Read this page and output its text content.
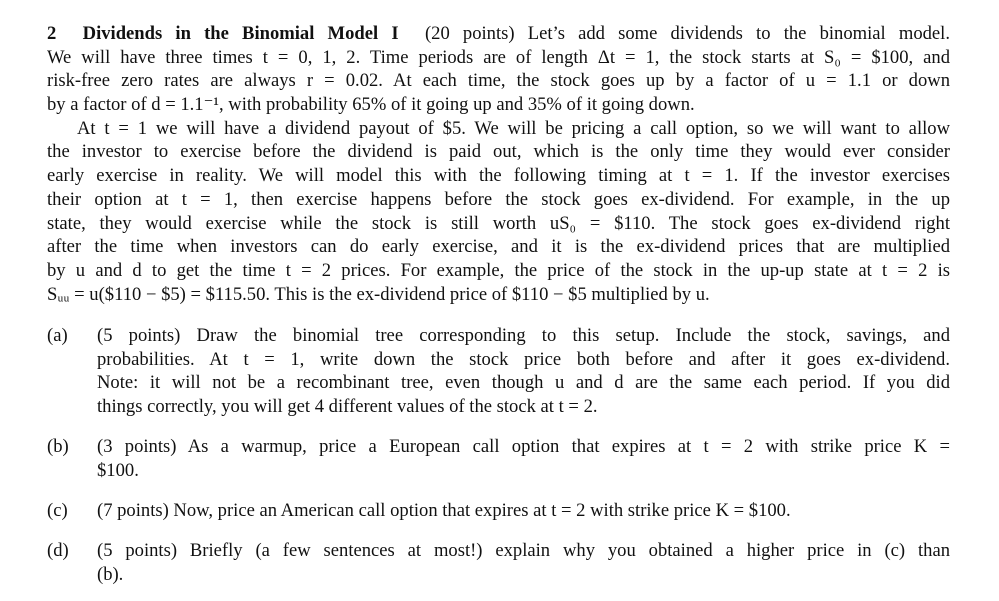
2 Dividends in the Binomial Model I (20 points) Let’s add some dividends to the binomial model.
We will have three times t = 0, 1, 2. Time periods are of length Δt = 1, the stock starts at S₀ = $100, and
risk-free zero rates are always r = 0.02. At each time, the stock goes up by a factor of u = 1.1 or down
by a factor of d = 1.1⁻¹, with probability 65% of it going up and 35% of it going down.
At t = 1 we will have a dividend payout of $5. We will be pricing a call option, so we will want to allow
the investor to exercise before the dividend is paid out, which is the only time they would ever consider
early exercise in reality. We will model this with the following timing at t = 1. If the investor exercises
their option at t = 1, then exercise happens before the stock goes ex-dividend. For example, in the up
state, they would exercise while the stock is still worth uS₀ = $110. The stock goes ex-dividend right
after the time when investors can do early exercise, and it is the ex-dividend prices that are multiplied
by u and d to get the time t = 2 prices. For example, the price of the stock in the up-up state at t = 2 is
Sᵤᵤ = u($110 − $5) = $115.50. This is the ex-dividend price of $110 − $5 multiplied by u.
(a) (5 points) Draw the binomial tree corresponding to this setup. Include the stock, savings, and
probabilities. At t = 1, write down the stock price both before and after it goes ex-dividend.
Note: it will not be a recombinant tree, even though u and d are the same each period. If you did
things correctly, you will get 4 different values of the stock at t = 2.
(b) (3 points) As a warmup, price a European call option that expires at t = 2 with strike price K =
$100.
(c) (7 points) Now, price an American call option that expires at t = 2 with strike price K = $100.
(d) (5 points) Briefly (a few sentences at most!) explain why you obtained a higher price in (c) than
(b).
